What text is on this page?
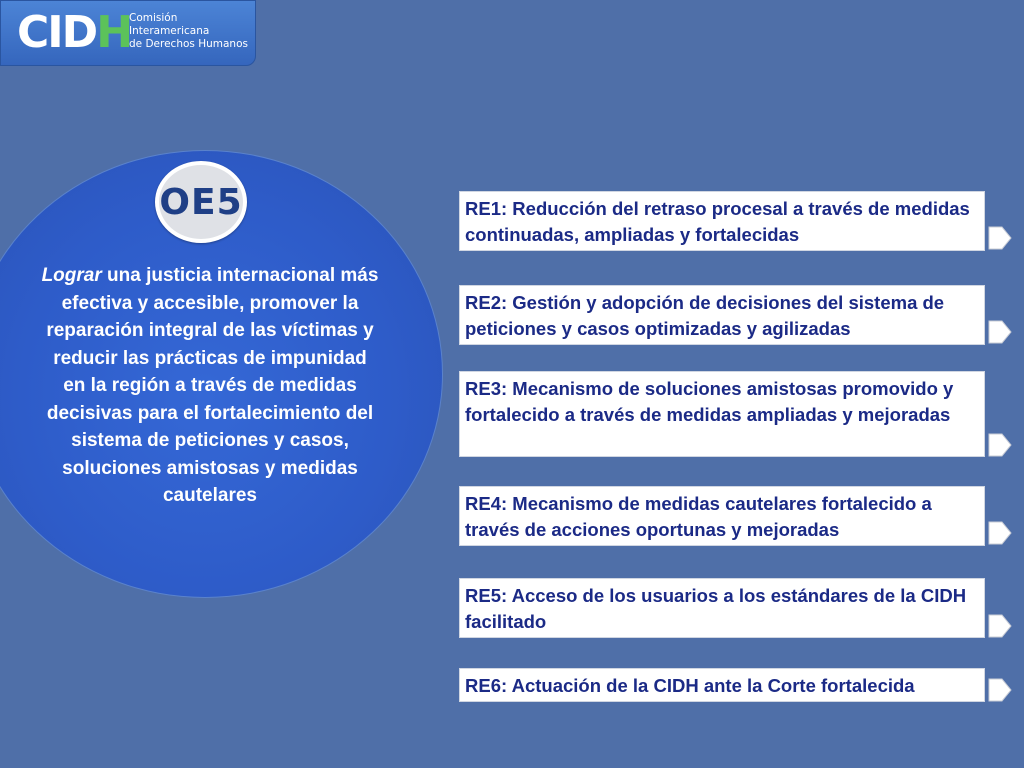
CIDH
Comisión
Interamericana
de Derechos Humanos
OE5
Lograr una justicia internacional más efectiva y accesible, promover la reparación integral de las víctimas y reducir las prácticas de impunidad en la región a través de medidas decisivas para el fortalecimiento del sistema de peticiones y casos, soluciones amistosas y medidas cautelares
RE1: Reducción del retraso procesal a través de medidas continuadas, ampliadas y fortalecidas
RE2: Gestión y adopción de decisiones del sistema de peticiones y casos optimizadas y agilizadas
RE3: Mecanismo de soluciones amistosas promovido y fortalecido a través de medidas ampliadas y mejoradas
RE4: Mecanismo de medidas cautelares fortalecido a través de acciones oportunas y mejoradas
RE5: Acceso de los usuarios a los estándares de la CIDH facilitado
RE6: Actuación de la CIDH ante la Corte fortalecida
